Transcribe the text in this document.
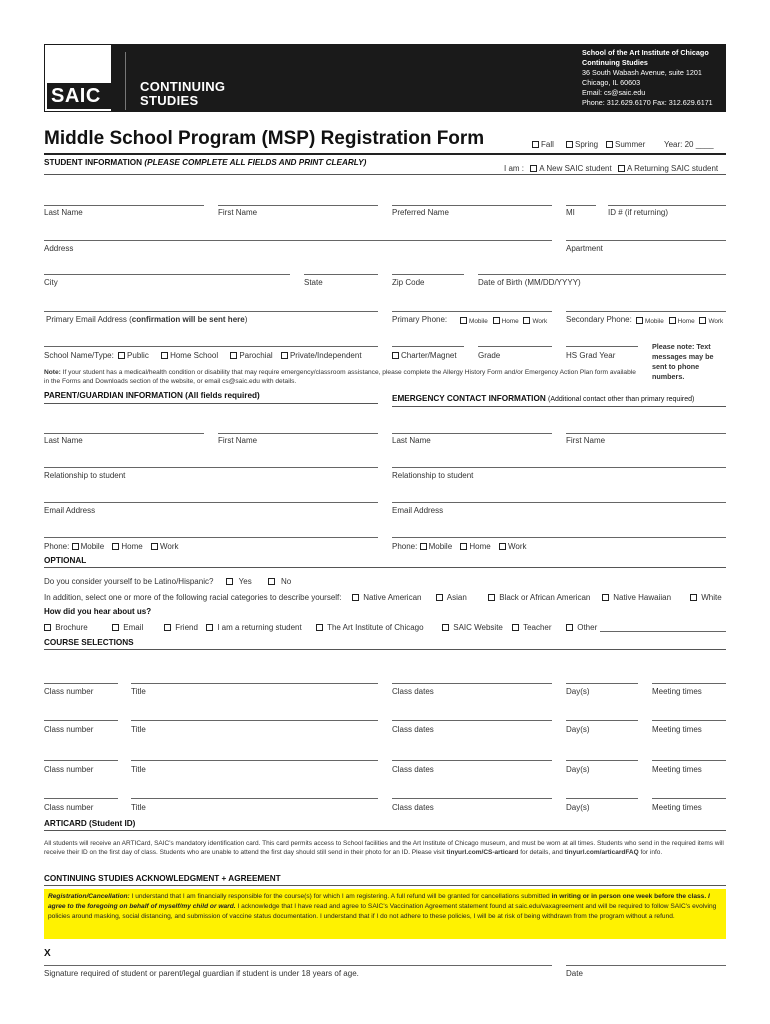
SAIC	CONTINUING
STUDIES
School of the Art Institute of Chicago
Continuing Studies
36 South Wabash Avenue, suite 1201
Chicago, IL 60603
Email: cs@saic.edu
Phone: 312.629.6170 Fax: 312.629.6171
Middle School Program (MSP) Registration Form	Fall	Spring	Summer Year: 20 ____
STUDENT INFORMATION (PLEASE COMPLETE ALL FIELDS AND PRINT CLEARLY)
I am : A New SAIC student A Returning SAIC student
Last Name	First Name	Preferred Name	MI	ID # (if returning)
Address	Apartment
City	State	Zip Code	Date of Birth (MM/DD/YYYY)
Primary Email Address (confirmation will be sent here)	Primary Phone:	Mobile Home Work Secondary Phone:	Mobile Home Work
School Name/Type: Public	Home School	Parochial Private/Independent	Charter/Magnet	Grade	HS Grad Year
Please note: Text messages may be sent to phone numbers.
Note: If your student has a medical/health condition or disability that may require emergency/classroom assistance, please complete the Allergy History Form and/or Emergency Action Plan form available in the Forms and Downloads section of the website, or email cs@saic.edu with details.
PARENT/GUARDIAN INFORMATION (All fields required)	EMERGENCY CONTACT INFORMATION (Additional contact other than primary required)
Last Name	First Name	Last Name	First Name
Relationship to student	Relationship to student
Email Address	Email Address
Phone: Mobile Home Work	Phone: Mobile Home Work
OPTIONAL
Do you consider yourself to be Latino/Hispanic?	Yes	No
In addition, select one or more of the following racial categories to describe yourself:	Native American	Asian	Black or African American	Native Hawaiian	White
How did you hear about us?
Brochure	Email	Friend	I am a returning student	The Art Institute of Chicago	SAIC Website	Teacher	Other
COURSE SELECTIONS
Class number	Title	Class dates	Day(s)	Meeting times
Class number	Title	Class dates	Day(s)	Meeting times
Class number	Title	Class dates	Day(s)	Meeting times
Class number	Title	Class dates	Day(s)	Meeting times
ARTICARD (Student ID)
All students will receive an ARTICard, SAIC's mandatory identification card. This card permits access to School facilities and the Art Institute of Chicago museum, and must be worn at all times. Students who send in the required items will receive their ID on the first day of class. Students who are unable to attend the first day should still send in their photo for an ID. Please visit tinyurl.com/CS-articard for details, and tinyurl.com/articardFAQ for info.
CONTINUING STUDIES ACKNOWLEDGMENT + AGREEMENT
Registration/Cancellation: I understand that I am financially responsible for the course(s) for which I am registering. A full refund will be granted for cancellations submitted in writing or in person one week before the class. I agree to the foregoing on behalf of myself/my child or ward. I acknowledge that I have read and agree to SAIC's Vaccination Agreement statement found at saic.edu/vaxagreement and will be required to follow SAIC's evolving policies around masking, social distancing, and submission of vaccine status documentation. I understand that if I do not adhere to these policies, I will be at risk of being withdrawn from the program without a refund.
X
Signature required of student or parent/legal guardian if student is under 18 years of age.	Date
